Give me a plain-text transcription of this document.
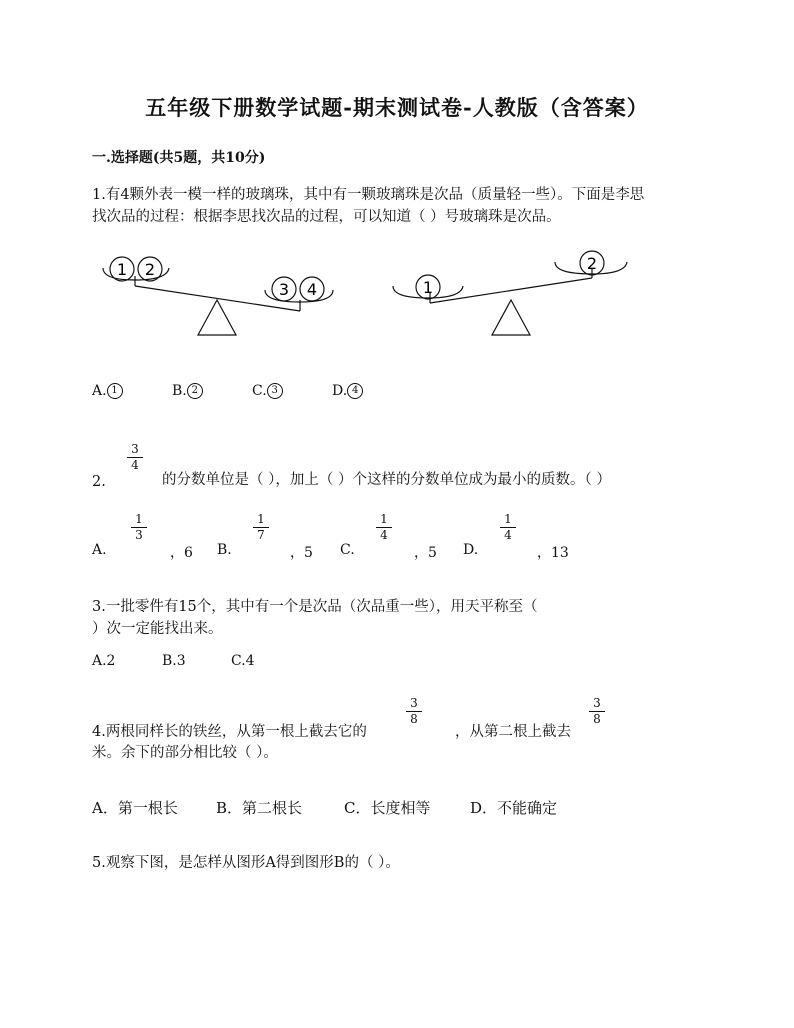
五年级下册数学试题-期末测试卷-人教版（含答案）
一.选择题(共5题，共10分)
1.有4颗外表一模一样的玻璃珠，其中有一颗玻璃珠是次品（质量轻一些）。下面是李思
找次品的过程：根据李思找次品的过程，可以知道（ ）号玻璃珠是次品。
1 2
3 4	1
2
A. 1	B. 2	C. 3	D. 4
3
4
2.	的分数单位是（ ），加上（ ）个这样的分数单位成为最小的质数。（ ）
A.
1
3
，6 B.
1
7
，5 C.
1
4
，5 D.
1
4
，13
3.一批零件有15个，其中有一个是次品（次品重一些），用天平称至（
）次一定能找出来。
A.2	B.3	C.4
4.两根同样长的铁丝，从第一根上截去它的
3
8
，从第二根上截去
3
8
米。余下的部分相比较（ ）。
A．第一根长	B．第二根长	C．长度相等	D．不能确定
5.观察下图，是怎样从图形A得到图形B的（ ）。
